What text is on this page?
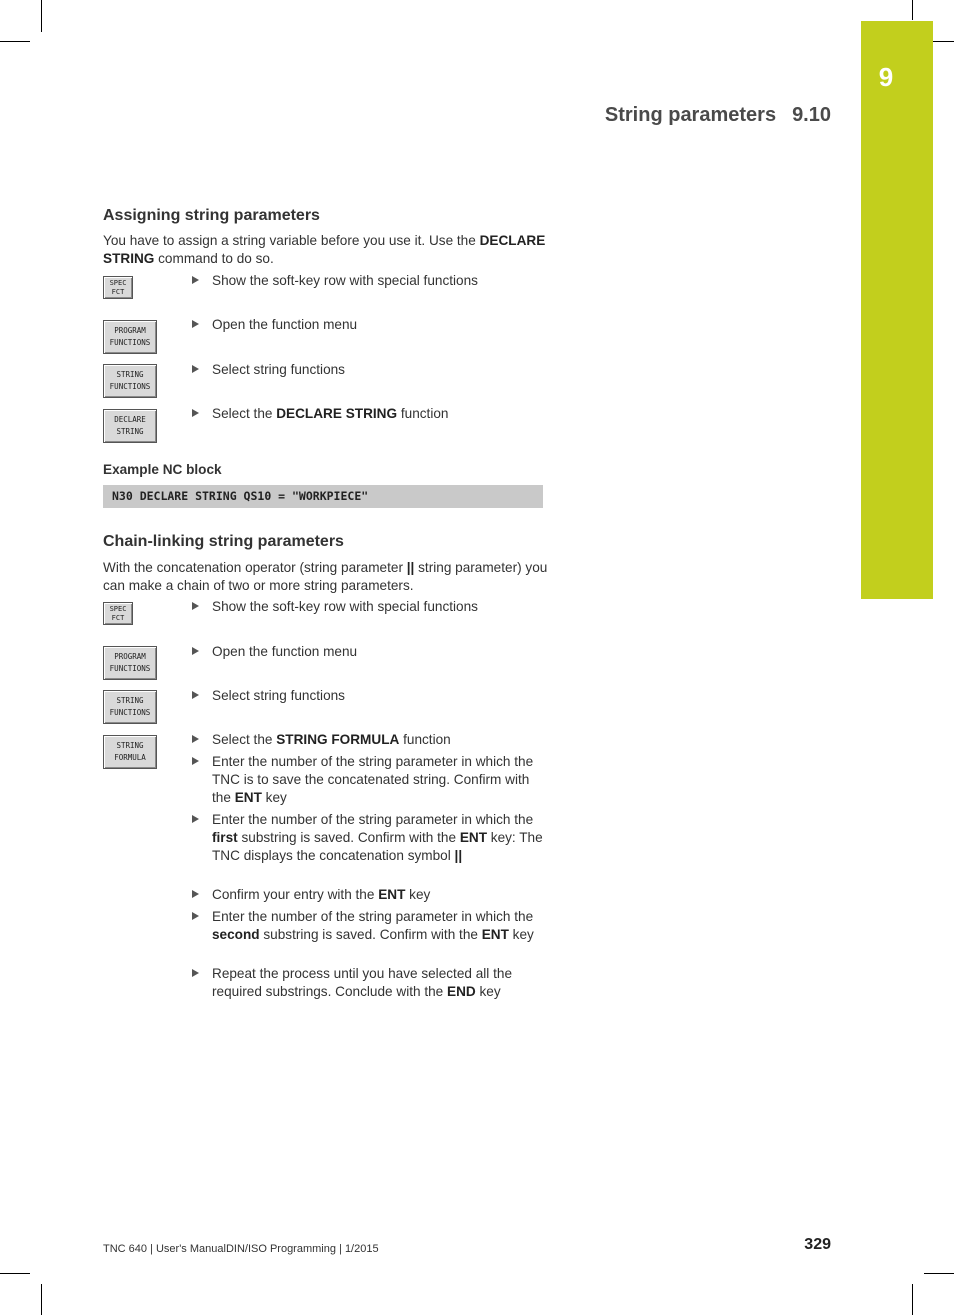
9
String parameters 9.10
Assigning string parameters
You have to assign a string variable before you use it. Use the DECLARE STRING command to do so.
SPEC
FCT
Show the soft-key row with special functions
PROGRAM
FUNCTIONS
Open the function menu
STRING
FUNCTIONS
Select string functions
DECLARE
STRING
Select the DECLARE STRING function
Example NC block
N30 DECLARE STRING QS10 = "WORKPIECE"
Chain-linking string parameters
With the concatenation operator (string parameter || string parameter) you can make a chain of two or more string parameters.
SPEC
FCT
Show the soft-key row with special functions
PROGRAM
FUNCTIONS
Open the function menu
STRING
FUNCTIONS
Select string functions
STRING
FORMULA
Select the STRING FORMULA function
Enter the number of the string parameter in which the TNC is to save the concatenated string. Confirm with the ENT key
Enter the number of the string parameter in which the first substring is saved. Confirm with the ENT key: The TNC displays the concatenation symbol ||
Confirm your entry with the ENT key
Enter the number of the string parameter in which the second substring is saved. Confirm with the ENT key
Repeat the process until you have selected all the required substrings. Conclude with the END key
TNC 640 | User's ManualDIN/ISO Programming | 1/2015	329
